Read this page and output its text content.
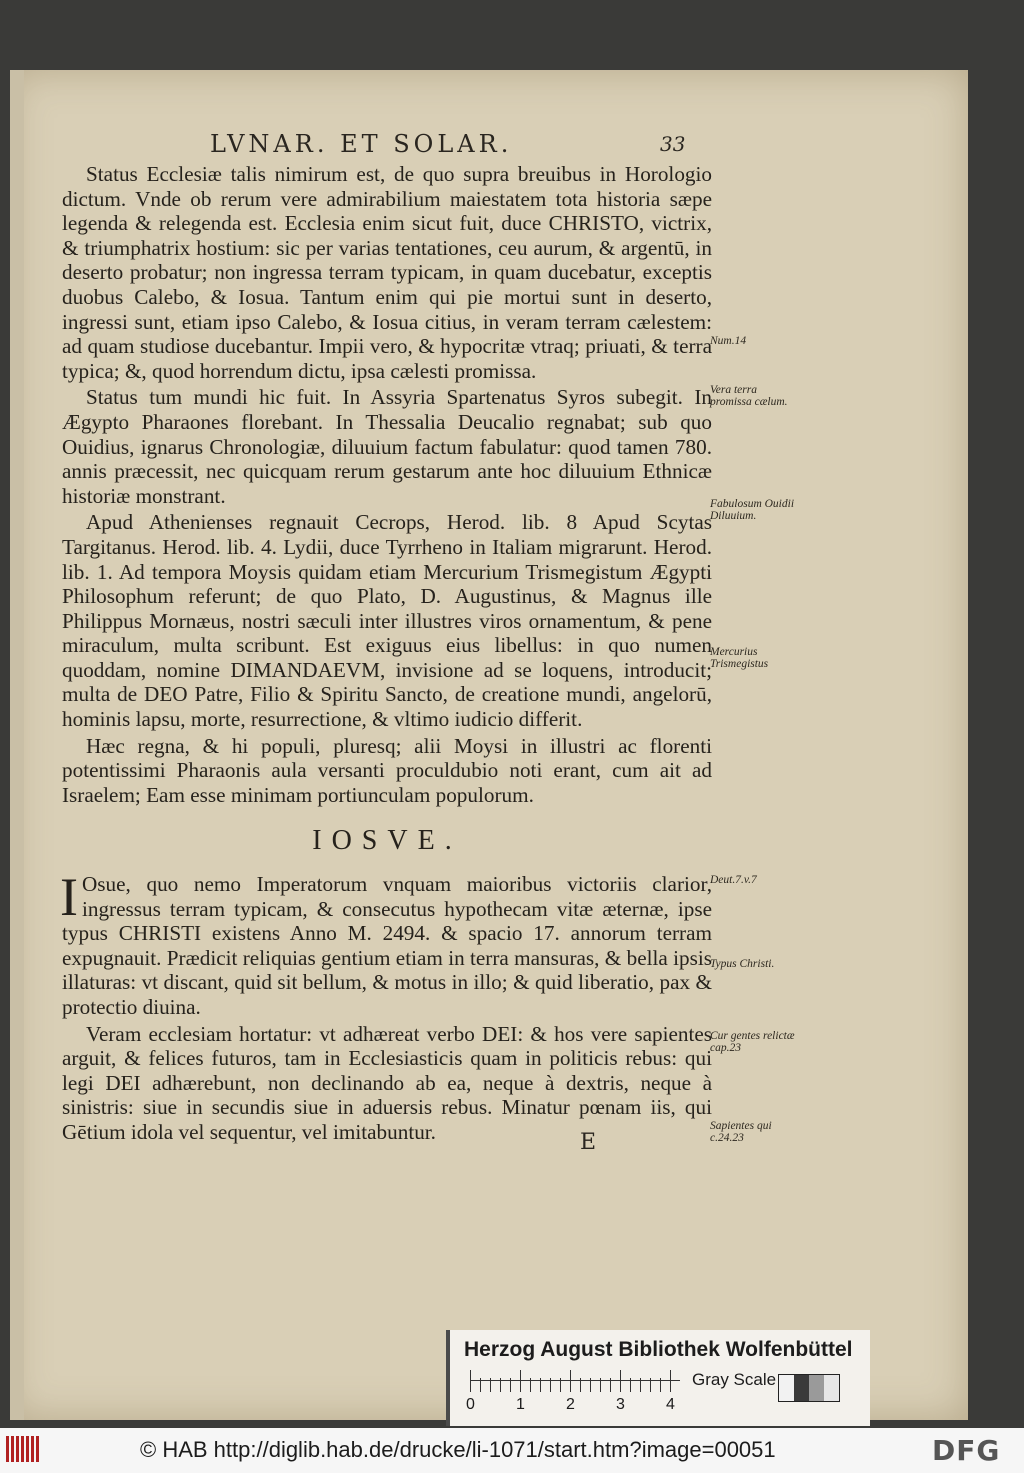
LVNAR. ET SOLAR.	33

Status Ecclesiæ talis nimirum est, de quo supra breuibus in Horologio dictum. Vnde ob rerum vere admirabilium maiestatem tota historia sæpe legenda & relegenda est. Ecclesia enim sicut fuit, duce CHRISTO, victrix, & triumphatrix hostium: sic per varias tentationes, ceu aurum, & argentū, in deserto probatur; non ingressa terram typicam, in quam ducebatur, exceptis duobus Calebo, & Iosua. Tantum enim qui pie mortui sunt in deserto, ingressi sunt, etiam ipso Calebo, & Iosua citius, in veram terram cælestem: ad quam studiose ducebantur. Impii vero, & hypocritæ vtraq; priuati, & terra typica; &, quod horrendum dictu, ipsa cælesti promissa.

Status tum mundi hic fuit. In Assyria Spartenatus Syros subegit. In Ægypto Pharaones florebant. In Thessalia Deucalio regnabat; sub quo Ouidius, ignarus Chronologiæ, diluuium factum fabulatur: quod tamen 780. annis præcessit, nec quicquam rerum gestarum ante hoc diluuium Ethnicæ historiæ monstrant.

Apud Athenienses regnauit Cecrops, Herod. lib. 8 Apud Scytas Targitanus. Herod. lib. 4. Lydii, duce Tyrrheno in Italiam migrarunt. Herod. lib. 1. Ad tempora Moysis quidam etiam Mercurium Trismegistum Ægypti Philosophum referunt; de quo Plato, D. Augustinus, & Magnus ille Philippus Mornæus, nostri sæculi inter illustres viros ornamentum, & pene miraculum, multa scribunt. Est exiguus eius libellus: in quo numen quoddam, nomine DIMANDAEVM, invisione ad se loquens, introducit; multa de DEO Patre, Filio & Spiritu Sancto, de creatione mundi, angelorū, hominis lapsu, morte, resurrectione, & vltimo iudicio differit.

Hæc regna, & hi populi, pluresq; alii Moysi in illustri ac florenti potentissimi Pharaonis aula versanti proculdubio noti erant, cum ait ad Israelem; Eam esse minimam portiunculam populorum.

IOSVE.

I Osue, quo nemo Imperatorum vnquam maioribus victoriis clarior, ingressus terram typicam, & consecutus hypothecam vitæ æternæ, ipse typus CHRISTI existens Anno M. 2494. & spacio 17. annorum terram expugnauit. Prædicit reliquias gentium etiam in terra mansuras, & bella ipsis illaturas: vt discant, quid sit bellum, & motus in illo; & quid liberatio, pax & protectio diuina.

Veram ecclesiam hortatur: vt adhæreat verbo DEI: & hos vere sapientes arguit, & felices futuros, tam in Ecclesiasticis quam in politicis rebus: qui legi DEI adhærebunt, non declinando ab ea, neque à dextris, neque à sinistris: siue in secundis siue in aduersis rebus. Minatur pœnam iis, qui Gētium idola vel sequentur, vel imitabuntur.

Num.14
Vera terra promissa cælum.
Fabulosum Ouidii Diluuium.
Mercurius Trismegistus
Deut.7.v.7
Typus Christi.
Cur gentes relictæ cap.23
Sapientes qui c.24.23
E
Herzog August Bibliothek Wolfenbüttel
0	1	2	3	4
Gray Scale
© HAB http://diglib.hab.de/drucke/li-1071/start.htm?image=00051	DFG
